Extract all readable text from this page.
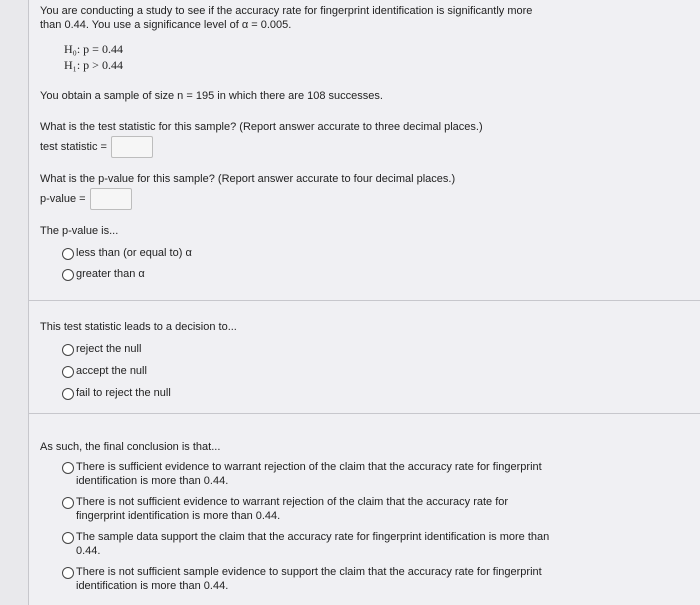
You are conducting a study to see if the accuracy rate for fingerprint identification is significantly more
than 0.44. You use a significance level of α = 0.005.
H₀: p = 0.44
H₁: p > 0.44
You obtain a sample of size n = 195 in which there are 108 successes.
What is the test statistic for this sample? (Report answer accurate to three decimal places.)
test statistic =
What is the p-value for this sample? (Report answer accurate to four decimal places.)
p-value =
The p-value is...
less than (or equal to) α
greater than α
This test statistic leads to a decision to...
reject the null
accept the null
fail to reject the null
As such, the final conclusion is that...
There is sufficient evidence to warrant rejection of the claim that the accuracy rate for fingerprint
identification is more than 0.44.
There is not sufficient evidence to warrant rejection of the claim that the accuracy rate for
fingerprint identification is more than 0.44.
The sample data support the claim that the accuracy rate for fingerprint identification is more than
0.44.
There is not sufficient sample evidence to support the claim that the accuracy rate for fingerprint
identification is more than 0.44.
